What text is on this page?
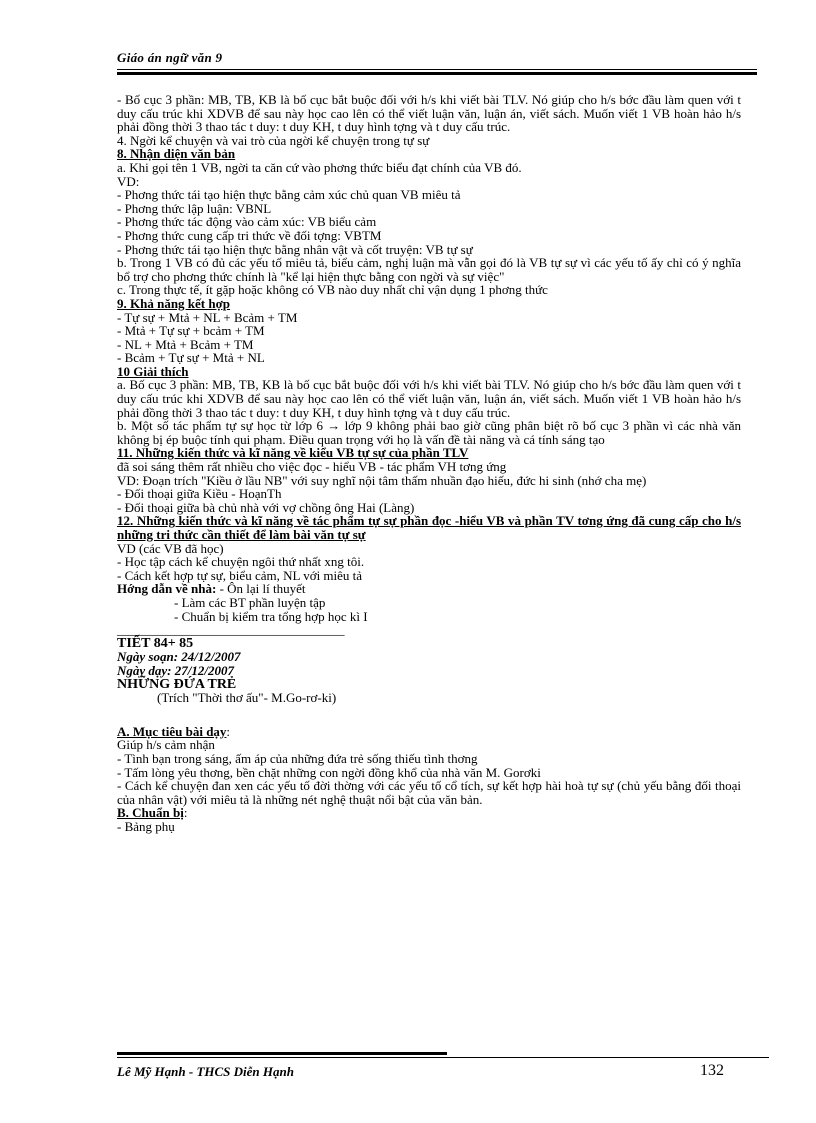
Giáo án ngữ văn 9

- Bố cục 3 phần: MB, TB, KB là bố cục bắt buộc đối với h/s khi viết bài TLV. Nó giúp cho h/s bớc đầu làm quen với t duy cấu trúc khi XDVB để sau này học cao lên có thể viết luận văn, luận án, viết sách. Muốn viết 1 VB hoàn hảo h/s phải đồng thời 3 thao tác t duy: t duy KH, t duy hình tợng và t duy cấu trúc.

4. Ngời kể chuyện và vai trò của ngời kể chuyện trong tự sự

8. Nhận diện văn bản

a. Khi gọi tên 1 VB, ngời ta căn cứ vào phơng thức biểu đạt chính của VB đó.

VD:

- Phơng thức tái tạo hiện thực bằng cảm xúc chủ quan VB miêu tả

- Phơng thức lập luận: VBNL

- Phơng thức tác động vào cảm xúc: VB biểu cảm

- Phơng thức cung cấp tri thức về đối tợng: VBTM

- Phơng thức tái tạo hiện thực bằng nhân vật và cốt truyện: VB tự sự

b. Trong 1 VB có đủ các yếu tố miêu tả, biểu cảm, nghị luận mà vẫn gọi đó là VB tự sự vì các yếu tố ấy chỉ có ý nghĩa bổ trợ cho phơng thức chính là "kể lại hiện thực bằng con ngời và sự việc"

c. Trong thực tế, ít gặp hoặc không có VB nào duy nhất chỉ vận dụng 1 phơng thức

9. Khả năng kết hợp

- Tự sự + Mtả + NL + Bcảm + TM

- Mtả + Tự sự + bcảm + TM

- NL + Mtả + Bcảm + TM

- Bcảm + Tự sự + Mtả + NL

10 Giải thích

a. Bố cục 3 phần: MB, TB, KB là bố cục bắt buộc đối với h/s khi viết bài TLV. Nó giúp cho h/s bớc đầu làm quen với t duy cấu trúc khi XDVB để sau này học cao lên có thể viết luận văn, luận án, viết sách. Muốn viết 1 VB hoàn hảo h/s phải đồng thời 3 thao tác t duy: t duy KH, t duy hình tợng và t duy cấu trúc.

b. Một số tác phẩm tự sự học từ lớp 6 → lớp 9 không phải bao giờ cũng phân biệt rõ bố cục 3 phần vì các nhà văn không bị ép buộc tính qui phạm. Điều quan trọng với họ là vấn đề tài năng và cá tính sáng tạo

11. Những kiến thức và kĩ năng về kiểu VB tự sự của phần TLV

đã soi sáng thêm rất nhiều cho việc đọc - hiểu VB - tác phẩm VH tơng ứng

VD: Đoạn trích "Kiều ở lầu NB" với suy nghĩ nội tâm thấm nhuần đạo hiếu, đức hi sinh (nhớ cha mẹ)

- Đối thoại giữa Kiều - HoạnTh

- Đối thoại giữa bà chủ nhà với vợ chồng ông Hai (Làng)

12. Những kiến thức và kĩ năng về tác phẩm tự sự phần đọc -hiểu VB và phần TV tơng ứng đã cung cấp cho h/s những tri thức cần thiết để làm bài văn tự sự

VD (các VB đã học)

- Học tập cách kể chuyện ngôi thứ nhất xng tôi.

- Cách kết hợp tự sự, biểu cảm, NL với miêu tả

Hớng dẫn về nhà: - Ôn lại lí thuyết

- Làm các BT phần luyện tập

- Chuẩn bị kiểm tra tổng hợp học kì I

___________________________________

TIẾT 84+ 85

Ngày soạn: 24/12/2007

Ngày dạy: 27/12/2007

NHỮNG ĐỨA TRẺ

(Trích "Thời thơ ấu"- M.Go-rơ-ki)

A. Mục tiêu bài dạy:

Giúp h/s cảm nhận

- Tình bạn trong sáng, ấm áp của những đứa trẻ sống thiếu tình thơng

- Tấm lòng yêu thơng, bền chặt những con ngời đồng khổ của nhà văn M. Gorơki

- Cách kể chuyện đan xen các yếu tố đời thờng với các yếu tố cổ tích, sự kết hợp hài hoà tự sự (chủ yếu bằng đối thoại của nhân vật) với miêu tả là những nét nghệ thuật nổi bật của văn bản.

B. Chuẩn bị:

- Bảng phụ

Lê Mỹ Hạnh - THCS Diễn Hạnh	132
